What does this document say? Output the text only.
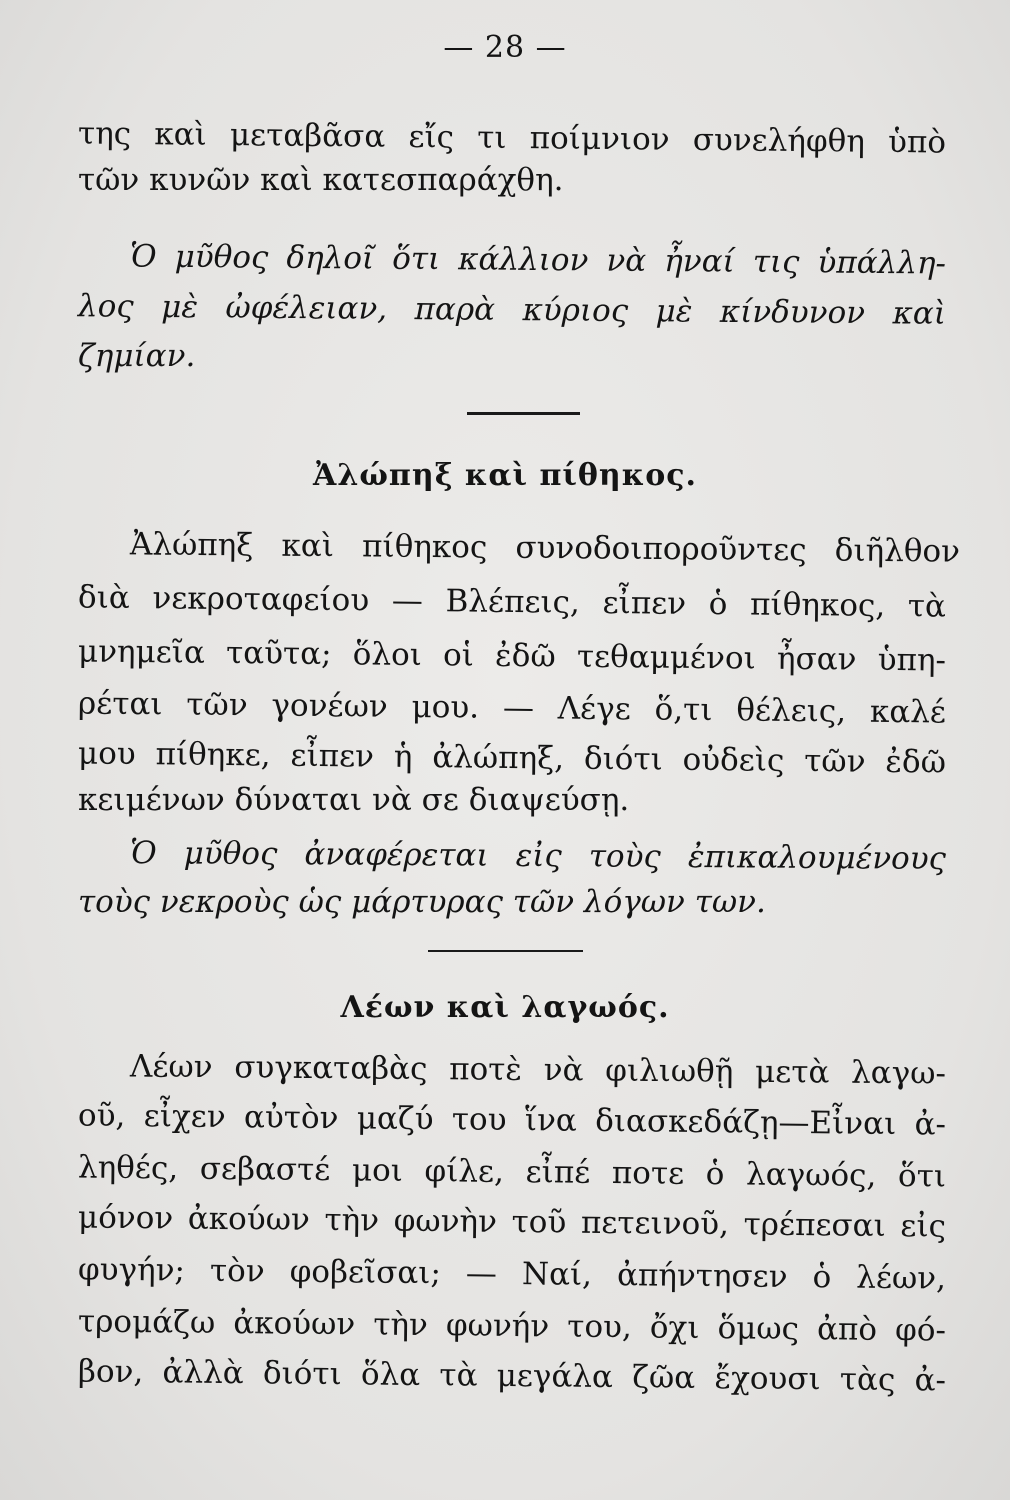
— 28 —
της καὶ μεταβᾶσα εἴς τι ποίμνιον συνελήφθη ὑπὸ
τῶν κυνῶν καὶ κατεσπαράχθη.
Ὁ μῦθος δηλοῖ ὅτι κάλλιον νὰ ἦναί τις ὑπάλλη-
λος μὲ ὠφέλειαν, παρὰ κύριος μὲ κίνδυνον καὶ
ζημίαν.
Ἀλώπηξ καὶ πίθηκος.
Ἀλώπηξ καὶ πίθηκος συνοδοιποροῦντες διῆλθον
διὰ νεκροταφείου — Βλέπεις, εἶπεν ὁ πίθηκος, τὰ
μνημεῖα ταῦτα; ὅλοι οἱ ἐδῶ τεθαμμένοι ἦσαν ὑπη-
ρέται τῶν γονέων μου. — Λέγε ὅ,τι θέλεις, καλέ
μου πίθηκε, εἶπεν ἡ ἀλώπηξ, διότι οὐδεὶς τῶν ἐδῶ
κειμένων δύναται νὰ σε διαψεύσῃ.
Ὁ μῦθος ἀναφέρεται εἰς τοὺς ἐπικαλουμένους
τοὺς νεκροὺς ὡς μάρτυρας τῶν λόγων των.
Λέων καὶ λαγωός.
Λέων συγκαταβὰς ποτὲ νὰ φιλιωθῇ μετὰ λαγω-
οῦ, εἶχεν αὐτὸν μαζύ του ἵνα διασκεδάζῃ—Εἶναι ἀ-
ληθές, σεβαστέ μοι φίλε, εἶπέ ποτε ὁ λαγωός, ὅτι
μόνον ἀκούων τὴν φωνὴν τοῦ πετεινοῦ, τρέπεσαι εἰς
φυγήν; τὸν φοβεῖσαι; — Ναί, ἀπήντησεν ὁ λέων,
τρομάζω ἀκούων τὴν φωνήν του, ὄχι ὅμως ἀπὸ φό-
βον, ἀλλὰ διότι ὅλα τὰ μεγάλα ζῶα ἔχουσι τὰς ἀ-
